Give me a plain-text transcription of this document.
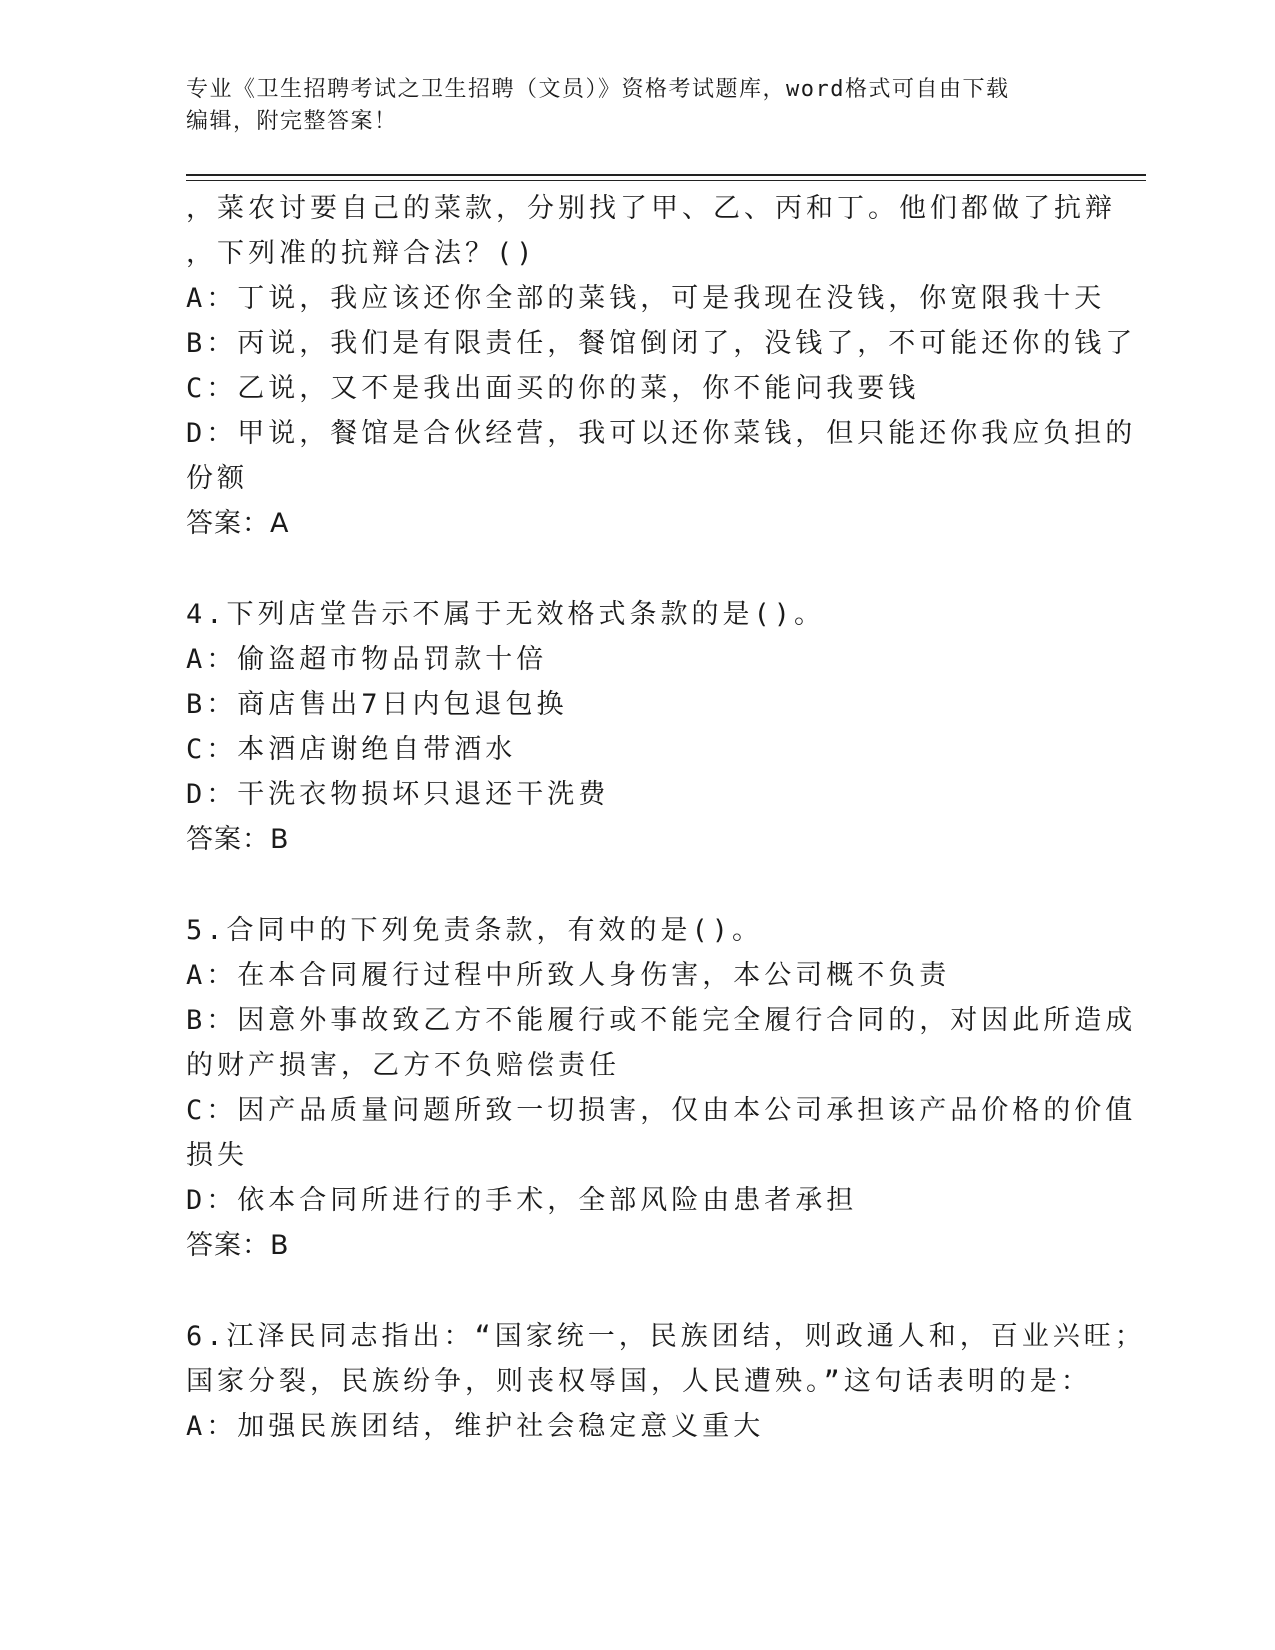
专业《卫生招聘考试之卫生招聘（文员）》资格考试题库，word格式可自由下载
编辑，附完整答案！
，菜农讨要自己的菜款，分别找了甲、乙、丙和丁。他们都做了抗辩
，下列准的抗辩合法？()
A：丁说，我应该还你全部的菜钱，可是我现在没钱，你宽限我十天
B：丙说，我们是有限责任，餐馆倒闭了，没钱了，不可能还你的钱了
C：乙说，又不是我出面买的你的菜，你不能问我要钱
D：甲说，餐馆是合伙经营，我可以还你菜钱，但只能还你我应负担的
份额
答案：A
4.下列店堂告示不属于无效格式条款的是()。
A：偷盗超市物品罚款十倍
B：商店售出7日内包退包换
C：本酒店谢绝自带酒水
D：干洗衣物损坏只退还干洗费
答案：B
5.合同中的下列免责条款，有效的是()。
A：在本合同履行过程中所致人身伤害，本公司概不负责
B：因意外事故致乙方不能履行或不能完全履行合同的，对因此所造成
的财产损害，乙方不负赔偿责任
C：因产品质量问题所致一切损害，仅由本公司承担该产品价格的价值
损失
D：依本合同所进行的手术，全部风险由患者承担
答案：B
6.江泽民同志指出：“国家统一，民族团结，则政通人和，百业兴旺；
国家分裂，民族纷争，则丧权辱国，人民遭殃。”这句话表明的是：
A：加强民族团结，维护社会稳定意义重大
